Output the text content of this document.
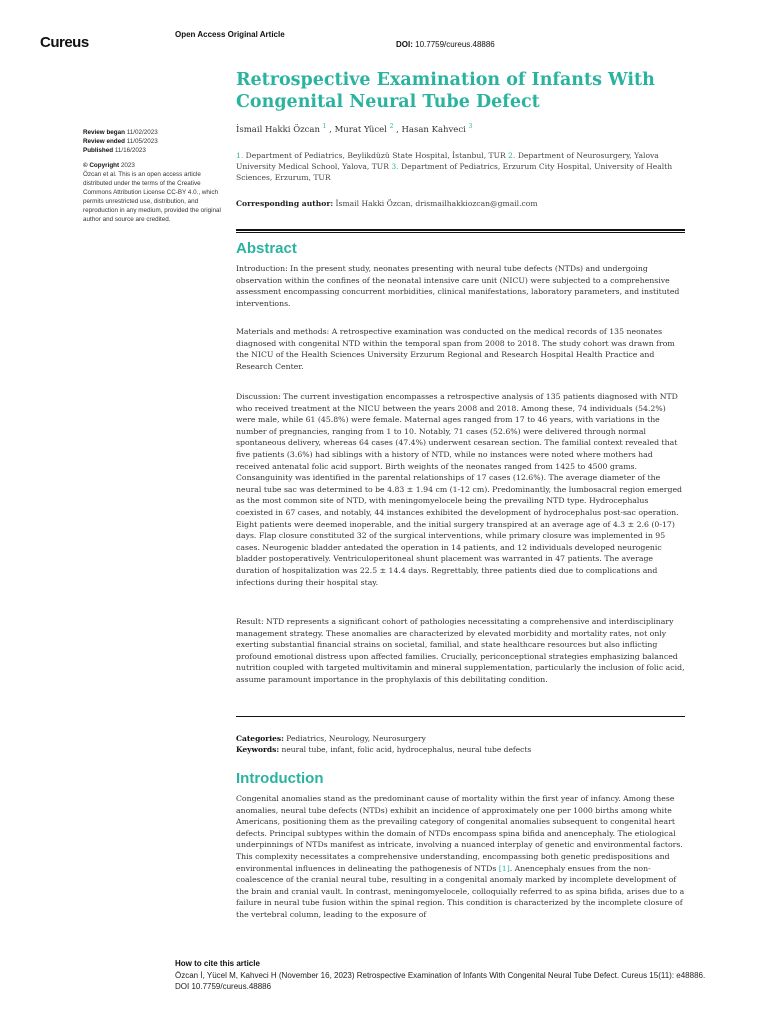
Cureus	Open Access Original Article
DOI: 10.7759/cureus.48886
Retrospective Examination of Infants With Congenital Neural Tube Defect
İsmail Hakki Özcan $^1$ , Murat Yücel $^2$ , Hasan Kahveci $^3$
1. Department of Pediatrics, Beylikdüzü State Hospital, İstanbul, TUR 2. Department of Neurosurgery, Yalova University Medical School, Yalova, TUR 3. Department of Pediatrics, Erzurum City Hospital, University of Health Sciences, Erzurum, TUR
Corresponding author: İsmail Hakki Özcan, drismailhakkiozcan@gmail.com
Review began 11/02/2023
Review ended 11/05/2023
Published 11/16/2023
© Copyright 2023
Özcan et al. This is an open access article distributed under the terms of the Creative Commons Attribution License CC-BY 4.0., which permits unrestricted use, distribution, and reproduction in any medium, provided the original author and source are credited.
Abstract

Introduction: In the present study, neonates presenting with neural tube defects (NTDs) and undergoing observation within the confines of the neonatal intensive care unit (NICU) were subjected to a comprehensive assessment encompassing concurrent morbidities, clinical manifestations, laboratory parameters, and instituted interventions.

Materials and methods: A retrospective examination was conducted on the medical records of 135 neonates diagnosed with congenital NTD within the temporal span from 2008 to 2018. The study cohort was drawn from the NICU of the Health Sciences University Erzurum Regional and Research Hospital Health Practice and Research Center.

Discussion: The current investigation encompasses a retrospective analysis of 135 patients diagnosed with NTD who received treatment at the NICU between the years 2008 and 2018. Among these, 74 individuals (54.2%) were male, while 61 (45.8%) were female. Maternal ages ranged from 17 to 46 years, with variations in the number of pregnancies, ranging from 1 to 10. Notably, 71 cases (52.6%) were delivered through normal spontaneous delivery, whereas 64 cases (47.4%) underwent cesarean section. The familial context revealed that five patients (3.6%) had siblings with a history of NTD, while no instances were noted where mothers had received antenatal folic acid support. Birth weights of the neonates ranged from 1425 to 4500 grams. Consanguinity was identified in the parental relationships of 17 cases (12.6%). The average diameter of the neural tube sac was determined to be 4.83 ± 1.94 cm (1-12 cm). Predominantly, the lumbosacral region emerged as the most common site of NTD, with meningomyelocele being the prevailing NTD type. Hydrocephalus coexisted in 67 cases, and notably, 44 instances exhibited the development of hydrocephalus post-sac operation. Eight patients were deemed inoperable, and the initial surgery transpired at an average age of 4.3 ± 2.6 (0-17) days. Flap closure constituted 32 of the surgical interventions, while primary closure was implemented in 95 cases. Neurogenic bladder antedated the operation in 14 patients, and 12 individuals developed neurogenic bladder postoperatively. Ventriculoperitoneal shunt placement was warranted in 47 patients. The average duration of hospitalization was 22.5 ± 14.4 days. Regrettably, three patients died due to complications and infections during their hospital stay.

Result: NTD represents a significant cohort of pathologies necessitating a comprehensive and interdisciplinary management strategy. These anomalies are characterized by elevated morbidity and mortality rates, not only exerting substantial financial strains on societal, familial, and state healthcare resources but also inflicting profound emotional distress upon affected families. Crucially, periconceptional strategies emphasizing balanced nutrition coupled with targeted multivitamin and mineral supplementation, particularly the inclusion of folic acid, assume paramount importance in the prophylaxis of this debilitating condition.

Categories: Pediatrics, Neurology, Neurosurgery
Keywords: neural tube, infant, folic acid, hydrocephalus, neural tube defects
Introduction

Congenital anomalies stand as the predominant cause of mortality within the first year of infancy. Among these anomalies, neural tube defects (NTDs) exhibit an incidence of approximately one per 1000 births among white Americans, positioning them as the prevailing category of congenital anomalies subsequent to congenital heart defects. Principal subtypes within the domain of NTDs encompass spina bifida and anencephaly. The etiological underpinnings of NTDs manifest as intricate, involving a nuanced interplay of genetic and environmental factors. This complexity necessitates a comprehensive understanding, encompassing both genetic predispositions and environmental influences in delineating the pathogenesis of NTDs [1]. Anencephaly ensues from the non-coalescence of the cranial neural tube, resulting in a congenital anomaly marked by incomplete development of the brain and cranial vault. In contrast, meningomyelocele, colloquially referred to as spina bifida, arises due to a failure in neural tube fusion within the spinal region. This condition is characterized by the incomplete closure of the vertebral column, leading to the exposure of

How to cite this article
Özcan İ, Yücel M, Kahveci H (November 16, 2023) Retrospective Examination of Infants With Congenital Neural Tube Defect. Cureus 15(11): e48886. DOI 10.7759/cureus.48886
